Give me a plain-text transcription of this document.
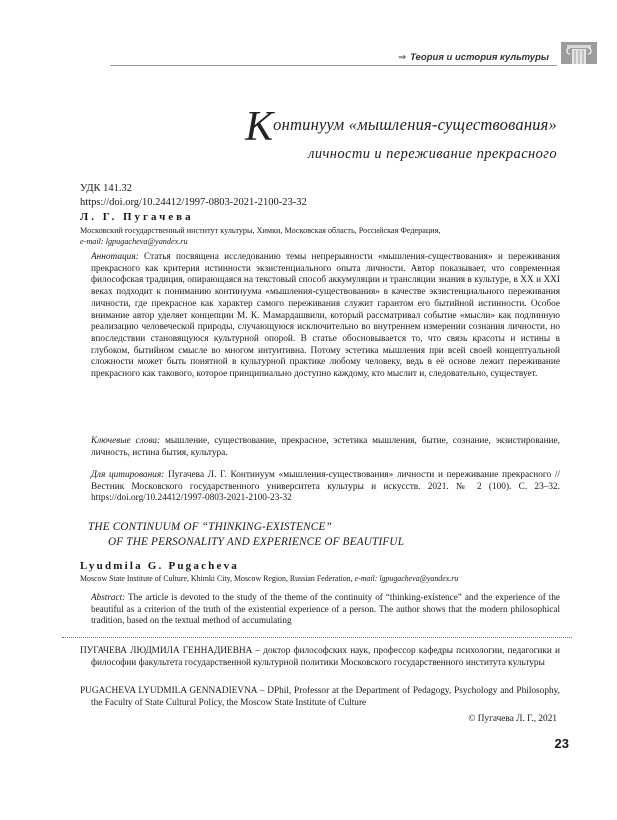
⇒ Теория и история культуры
Континуум «мышления-существования»
личности и переживание прекрасного
УДК 141.32
https://doi.org/10.24412/1997-0803-2021-2100-23-32
Л. Г. Пугачева
Московский государственный институт культуры, Химки, Московская область, Российская Федерация,
e-mail: lgpugacheva@yandex.ru
Аннотация: Статья посвящена исследованию темы непрерывности «мышления-существования» и переживания прекрасного как критерия истинности экзистенциального опыта личности. Автор показывает, что современная философская традиция, опирающаяся на текстовый способ аккумуляции и трансляции знания в культуре, в XX и XXI веках подходит к пониманию континуума «мышления-существования» в качестве экзистенциального переживания личности, где прекрасное как характер самого переживания служит гарантом его бытийной истинности. Особое внимание автор уделяет концепции М. К. Мамардашвили, который рассматривал событие «мысли» как подлинную реализацию человеческой природы, случающуюся исключительно во внутреннем измерении сознания личности, но впоследствии становящуюся культурной опорой. В статье обосновывается то, что связь красоты и истины в глубоком, бытийном смысле во многом интуитивна. Потому эстетика мышления при всей своей концептуальной сложности может быть понятной в культурной практике любому человеку, ведь в её основе лежит переживание прекрасного как такового, которое принципиально доступно каждому, кто мыслит и, следовательно, существует.
Ключевые слова: мышление, существование, прекрасное, эстетика мышления, бытие, сознание, экзистирование, личность, истина бытия, культура.
Для цитирования: Пугачева Л. Г. Континуум «мышления-существования» личности и переживание прекрасного // Вестник Московского государственного университета культуры и искусств. 2021. № 2 (100). С. 23–32. https://doi.org/10.24412/1997-0803-2021-2100-23-32
THE CONTINUUM OF “THINKING-EXISTENCE”
OF THE PERSONALITY AND EXPERIENCE OF BEAUTIFUL
Lyudmila G. Pugacheva
Moscow State Institute of Culture, Khimki City, Moscow Region, Russian Federation, e-mail: lgpugacheva@yandex.ru
Abstract: The article is devoted to the study of the theme of the continuity of “thinking-existence” and the experience of the beautiful as a criterion of the truth of the existential experience of a person. The author shows that the modern philosophical tradition, based on the textual method of accumulating
ПУГАЧЕВА ЛЮДМИЛА ГЕННАДИЕВНА – доктор философских наук, профессор кафедры психологии, педагогики и философии факультета государственной культурной политики Московского государственного института культуры
PUGACHEVA LYUDMILA GENNADIEVNA – DPhil, Professor at the Department of Pedagogy, Psychology and Philosophy, the Faculty of State Cultural Policy, the Moscow State Institute of Culture
© Пугачева Л. Г., 2021
23
